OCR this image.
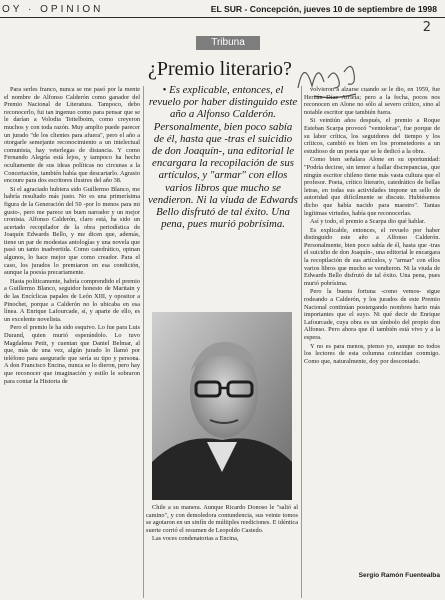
OY · OPINION	EL SUR - Concepción, jueves 10 de septiembre de 1998
2
Tribuna
¿Premio literario?

Para serles franco, nunca se me pasó por la mente el nombre de Alfonso Calderón como ganador del Premio Nacional de Literatura. Tampoco, debo reconocerlo, fui tan ingenuo como para pensar que se le darían a Volodia Teitelboim, como creyeron muchos y con toda razón. Muy amplio puede parecer un jurado "de los clientes para afuera", pero el año a otorgarle semejante reconocimiento a un intelectual comunista, hay veterlegas de distancia. Y como Fernando Alegría está lejos, y tampoco ha hecho ocultamente de sus ideas políticas no circunas a la Concertación, también había que descartarlo. Agrasio encoure para dos escritores ilustres del año 38.

Si el agraciado hubiera sido Guillermo Blanco, me habría resultado más justo. No es una primerísima figura de la Generación del 50 -por lo menos para mi gusto-, pero me parece un buen narrador y un mejor cronista. Alfonso Calderón, claro está, ha sido un acertado recopilador de la obra periodística de Joaquín Edwards Bello, y me dicen que, además, tiene un par de modestas antologías y una novela que pasó un tanto inadvertida. Como catedrático, opinan algunos, lo hace mejor que como creador. Para el caso, los jurados lo premiaron en esa condición, aunque la poesía precariamente.

Hasta políticamente, habría comprendido el premio a Guillermo Blanco, seguidor honesto de Maritain y de las Encíclicas papales de León XIII, y opositor a Pinochet, porque a Calderón no lo ubicaba en esa línea. A Enrique Lafourcade, sí, y aparte de ello, es un excelente novelista.

Pero el premio le ha sido esquivo. Lo fue para Luis Durand, quien murió esperándolo. Lo tuvo Magdalena Petit, y cuentan que Daniel Belmar, al que, más de una vez, algún jurado lo llamó por teléfono para asegurarle que sería su tipo y persona. A don Francisco Encina, nunca se lo dieron, pero hay que reconocer que imaginación y estilo le sobraron para contar la Historia de

• Es explicable, entonces, el revuelo por haber distinguido este año a Alfonso Calderón. Personalmente, bien poco sabía de él, hasta que -tras el suicidio de don Joaquín-, una editorial le encargara la recopilación de sus artículos, y "armar" con ellos varios libros que mucho se vendieron. Ni la viuda de Edwards Bello disfrutó de tal éxito. Una pena, pues murió pobrísima.

Chile a su manera. Aunque Ricardo Donoso le "salió al camino", y con demoledora contundencia, sus veinte tomos se agotaron en un sinfín de múltiples reediciones. E idéntica suerte corrió el resumen de Leopoldo Castedo.

Las voces condenatorias a Encina,

volvieron a alzarse cuando se le dio, en 1959, fue Hernán Díaz Arrieta; pero a la fecha, pocos nos reconocen en Alone no sólo al severo crítico, sino al notable escritor que también fuera.

Si veintiún años después, el premio a Roque Esteban Scarpa provocó "ventoleras", fue porque de su labor crítica, los seguidores del tiempo y los críticos, cambió es bien en los prometedores a un estudioso de un poeta que se le dedicó a la obra.

Como bien señalara Alone en su oportunidad: "Podría decirse, sin temor a hallar discrepancias, que ningún escritor chileno tiene más vasta cultura que el profesor. Poeta, crítico literario, catedrático de bellas letras, en todas sus actividades impone un sello de autoridad que difícilmente se discute. Hubiésemos dicho que había nacido para maestro". Tantas legítimas virtudes, había que reconocerlas.

Así y todo, el premio a Scarpa dio qué hablar.

Es explicable, entonces, el revuelo por haber distinguido este año a Alfonso Calderón. Personalmente, bien poco sabía de él, hasta que -tras el suicidio de don Joaquín-, una editorial le encargara la recopilación de sus artículos, y "armar" con ellos varios libros que mucho se vendieron. Ni la viuda de Edwards Bello disfrutó de tal éxito. Una pena, pues murió pobrísima.

Pero la buena fortuna -como vemos- sigue rodeando a Calderón, y los jurados de este Premio Nacional continúan postergando nombres harto más importantes que el suyo. Ni qué decir de Enrique Lafourcade, cuya obra es un símbolo del propio don Alfonso. Pero ahora que él también está vivo y a la espera.

Y no es para menos, pienso yo, aunque no todos los lectores de esta columna coincidan conmigo. Como que, naturalmente, doy por descontado.

Sergio Ramón Fuentealba
